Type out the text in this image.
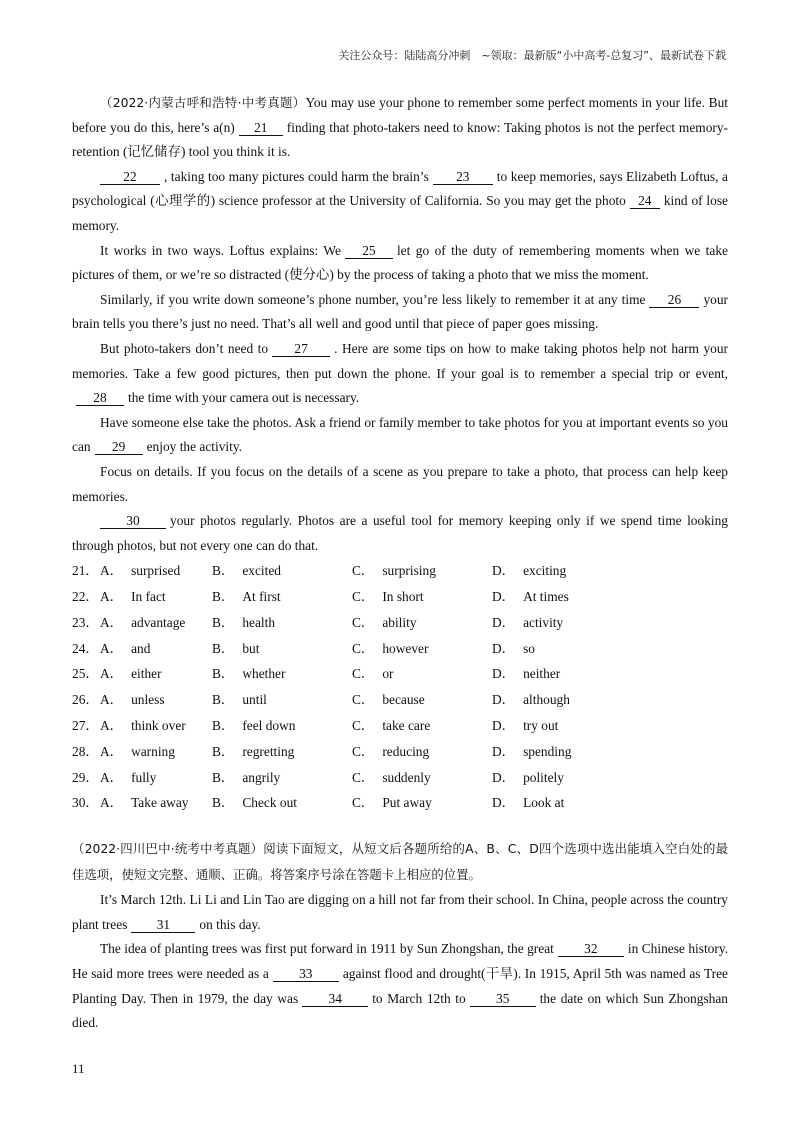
关注公众号：陆陆高分冲刺　~领取：最新版“小中高考-总复习”、最新试卷下载

（2022·内蒙古呼和浩特·中考真题）You may use your phone to remember some perfect moments in your life. But before you do this, here’s a(n) 21 finding that photo-takers need to know: Taking photos is not the perfect memory-retention (记忆储存) tool you think it is.

22 , taking too many pictures could harm the brain’s 23 to keep memories, says Elizabeth Loftus, a psychological (心理学的) science professor at the University of California. So you may get the photo 24 kind of lose memory.

It works in two ways. Loftus explains: We 25 let go of the duty of remembering moments when we take pictures of them, or we’re so distracted (使分心) by the process of taking a photo that we miss the moment.

Similarly, if you write down someone’s phone number, you’re less likely to remember it at any time 26 your brain tells you there’s just no need. That’s all well and good until that piece of paper goes missing.

But photo-takers don’t need to 27 . Here are some tips on how to make taking photos help not harm your memories. Take a few good pictures, then put down the phone. If your goal is to remember a special trip or event,28 the time with your camera out is necessary.

Have someone else take the photos. Ask a friend or family member to take photos for you at important events so you can 29 enjoy the activity.

Focus on details. If you focus on the details of a scene as you prepare to take a photo, that process can help keep memories.

30 your photos regularly. Photos are a useful tool for memory keeping only if we spend time looking through photos, but not every one can do that.

21． A． surprised	B． excited	C． surprising	D． exciting
22． A． In fact	B． At first	C． In short	D． At times
23． A． advantage	B． health	C． ability	D． activity
24． A． and	B． but	C． however	D． so
25． A． either	B． whether	C． or	D． neither
26． A． unless	B． until	C． because	D． although
27． A． think over	B． feel down	C． take care	D． try out
28． A． warning	B． regretting	C． reducing	D． spending
29． A． fully	B． angrily	C． suddenly	D． politely
30． A． Take away	B． Check out	C． Put away	D． Look at

（2022·四川巴中·统考中考真题）阅读下面短文，从短文后各题所给的A、B、C、D四个选项中选出能填入空白处的最佳选项，使短文完整、通顺、正确。将答案序号涂在答题卡上相应的位置。

It’s March 12th. Li Li and Lin Tao are digging on a hill not far from their school. In China, people across the country plant trees 31 on this day.

The idea of planting trees was first put forward in 1911 by Sun Zhongshan, the great 32 in Chinese history. He said more trees were needed as a 33 against flood and drought(干旱). In 1915, April 5th was named as Tree Planting Day. Then in 1979, the day was 34 to March 12th to 35 the date on which Sun Zhongshan died.

11
